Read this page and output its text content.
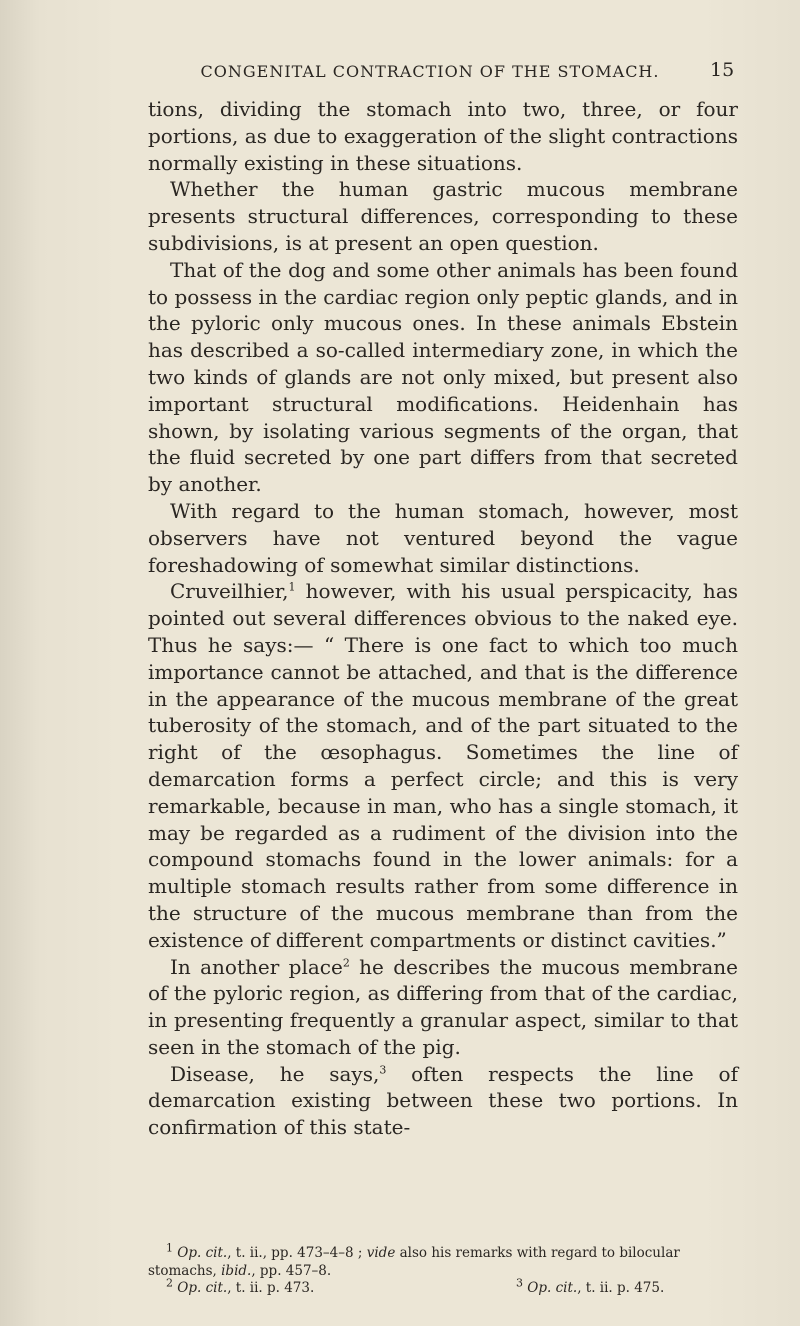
CONGENITAL CONTRACTION OF THE STOMACH.	15

tions, dividing the stomach into two, three, or four portions, as due to exaggeration of the slight contractions normally existing in these situations.

Whether the human gastric mucous membrane presents structural differences, corresponding to these subdivisions, is at present an open question.

That of the dog and some other animals has been found to possess in the cardiac region only peptic glands, and in the pyloric only mucous ones. In these animals Ebstein has described a so-called intermediary zone, in which the two kinds of glands are not only mixed, but present also important structural modifications. Heidenhain has shown, by isolating various segments of the organ, that the fluid secreted by one part differs from that secreted by another.

With regard to the human stomach, however, most observers have not ventured beyond the vague foreshadowing of somewhat similar distinctions.

Cruveilhier,$^1$ however, with his usual perspicacity, has pointed out several differences obvious to the naked eye. Thus he says:— “ There is one fact to which too much importance cannot be attached, and that is the difference in the appearance of the mucous membrane of the great tuberosity of the stomach, and of the part situated to the right of the œsophagus. Sometimes the line of demarcation forms a perfect circle; and this is very remarkable, because in man, who has a single stomach, it may be regarded as a rudiment of the division into the compound stomachs found in the lower animals: for a multiple stomach results rather from some difference in the structure of the mucous membrane than from the existence of different compartments or distinct cavities.”

In another place$^2$ he describes the mucous membrane of the pyloric region, as differing from that of the cardiac, in presenting frequently a granular aspect, similar to that seen in the stomach of the pig.

Disease, he says,$^3$ often respects the line of demarcation existing between these two portions. In confirmation of this state-

$^1$ Op. cit., t. ii., pp. 473–4–8 ; vide also his remarks with regard to bilocular stomachs, ibid., pp. 457–8.

$^2$ Op. cit., t. ii. p. 473.	$^3$ Op. cit., t. ii. p. 475.
